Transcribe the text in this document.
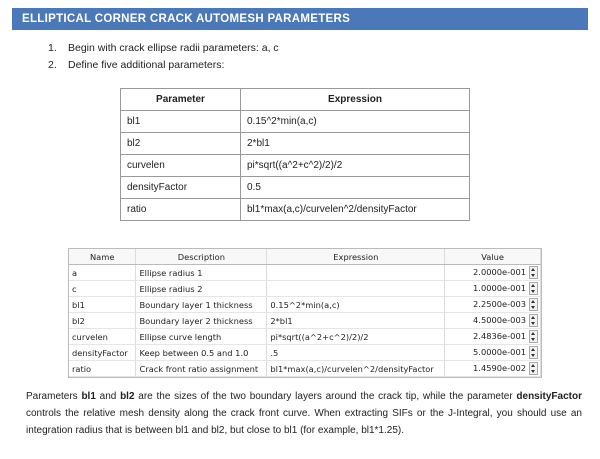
ELLIPTICAL CORNER CRACK AUTOMESH PARAMETERS
1. Begin with crack ellipse radii parameters: a, c
2. Define five additional parameters:
Parameter	Expression
bl1	0.15^2*min(a,c)
bl2	2*bl1
curvelen	pi*sqrt((a^2+c^2)/2)/2
densityFactor	0.5
ratio	bl1*max(a,c)/curvelen^2/densityFactor
Name	Description	Expression	Value
a	Ellipse radius 1		2.0000e-001
c	Ellipse radius 2		1.0000e-001
bl1	Boundary layer 1 thickness	0.15^2*min(a,c)	2.2500e-003
bl2	Boundary layer 2 thickness	2*bl1	4.5000e-003
curvelen	Ellipse curve length	pi*sqrt((a^2+c^2)/2)/2	2.4836e-001
densityFactor	Keep between 0.5 and 1.0	.5	5.0000e-001
ratio	Crack front ratio assignment	bl1*max(a,c)/curvelen^2/densityFactor	1.4590e-002
Parameters bl1 and bl2 are the sizes of the two boundary layers around the crack tip, while the parameter densityFactor controls the relative mesh density along the crack front curve. When extracting SIFs or the J-Integral, you should use an integration radius that is between bl1 and bl2, but close to bl1 (for example, bl1*1.25).
